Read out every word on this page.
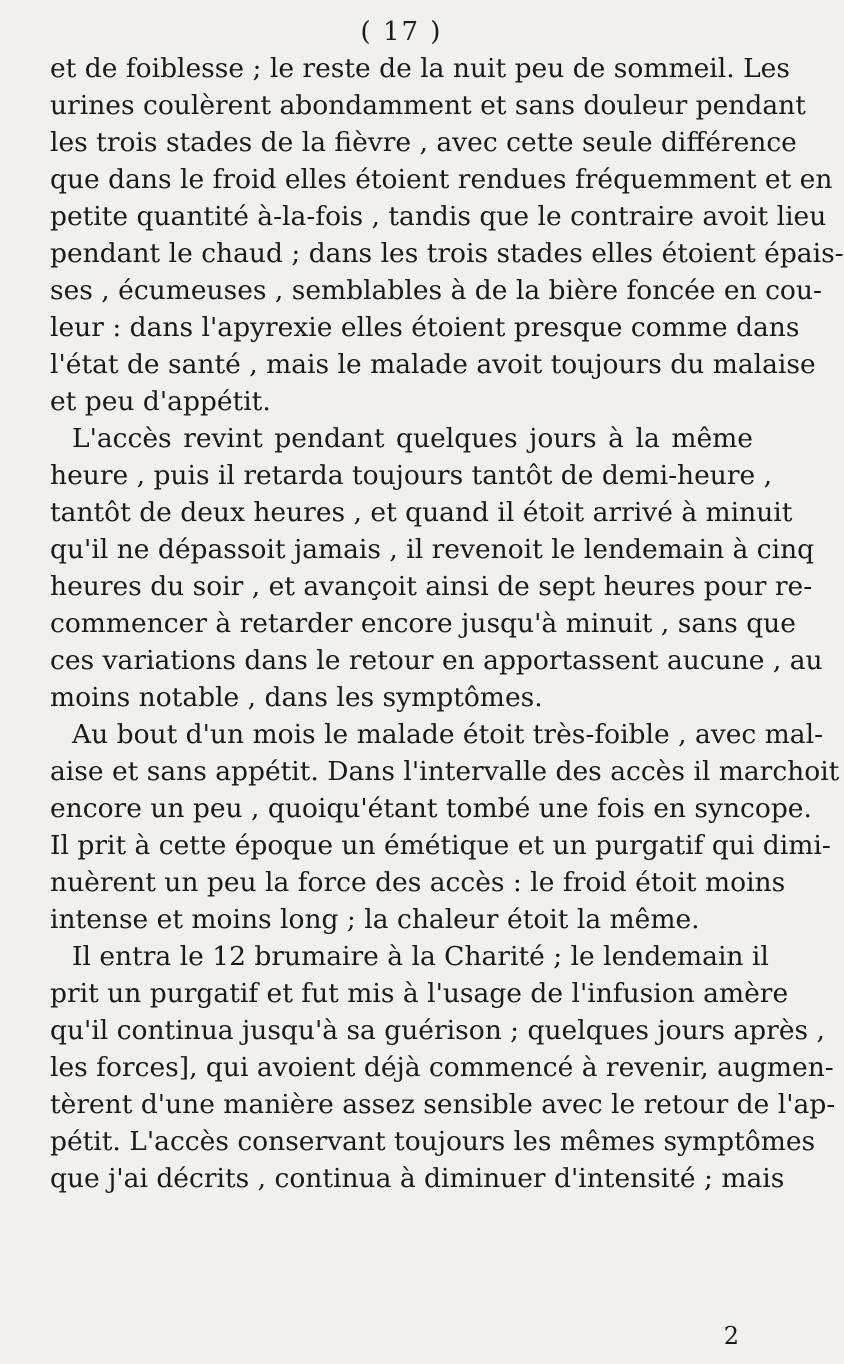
( 17 )
et de foiblesse ; le reste de la nuit peu de sommeil. Les
urines coulèrent abondamment et sans douleur pendant
les trois stades de la fièvre , avec cette seule différence
que dans le froid elles étoient rendues fréquemment et en
petite quantité à-la-fois , tandis que le contraire avoit lieu
pendant le chaud ; dans les trois stades elles étoient épais-
ses , écumeuses , semblables à de la bière foncée en cou-
leur : dans l'apyrexie elles étoient presque comme dans
l'état de santé , mais le malade avoit toujours du malaise
et peu d'appétit.
L'accès revint pendant quelques jours à la même
heure , puis il retarda toujours tantôt de demi-heure ,
tantôt de deux heures , et quand il étoit arrivé à minuit
qu'il ne dépassoit jamais , il revenoit le lendemain à cinq
heures du soir , et avançoit ainsi de sept heures pour re-
commencer à retarder encore jusqu'à minuit , sans que
ces variations dans le retour en apportassent aucune , au
moins notable , dans les symptômes.
Au bout d'un mois le malade étoit très-foible , avec mal-
aise et sans appétit. Dans l'intervalle des accès il marchoit
encore un peu , quoiqu'étant tombé une fois en syncope.
Il prit à cette époque un émétique et un purgatif qui dimi-
nuèrent un peu la force des accès : le froid étoit moins
intense et moins long ; la chaleur étoit la même.
Il entra le 12 brumaire à la Charité ; le lendemain il
prit un purgatif et fut mis à l'usage de l'infusion amère
qu'il continua jusqu'à sa guérison ; quelques jours après ,
les forces], qui avoient déjà commencé à revenir, augmen-
tèrent d'une manière assez sensible avec le retour de l'ap-
pétit. L'accès conservant toujours les mêmes symptômes
que j'ai décrits , continua à diminuer d'intensité ; mais
2
